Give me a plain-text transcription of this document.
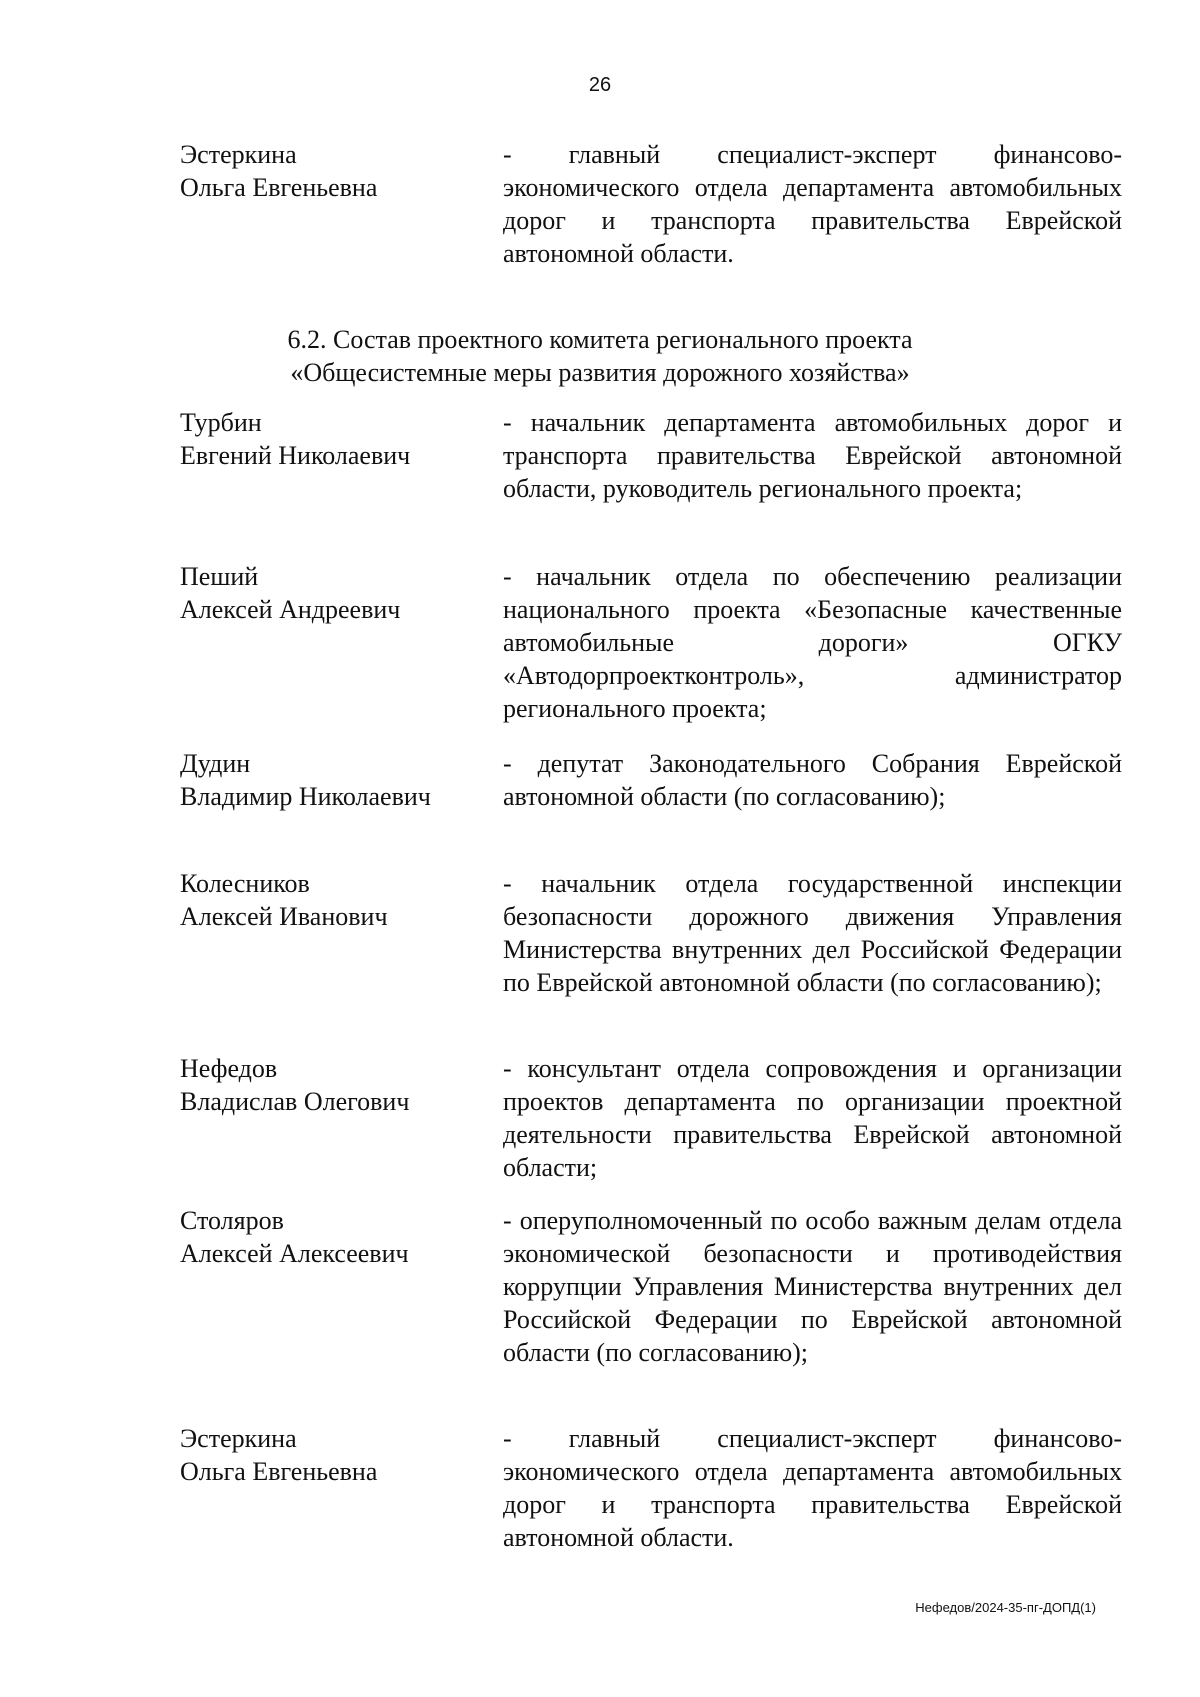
26
Эстеркина
Ольга Евгеньевна
- главный специалист-эксперт финансово-экономического отдела департамента автомобильных дорог и транспорта правительства Еврейской автономной области.
6.2. Состав проектного комитета регионального проекта
«Общесистемные меры развития дорожного хозяйства»
Турбин
Евгений Николаевич
- начальник департамента автомобильных дорог и транспорта правительства Еврейской автономной области, руководитель регионального проекта;
Пеший
Алексей Андреевич
- начальник отдела по обеспечению реализации национального проекта «Безопасные качественные автомобильные дороги» ОГКУ «Автодорпроектконтроль», администратор регионального проекта;
Дудин
Владимир Николаевич
- депутат Законодательного Собрания Еврейской автономной области (по согласованию);
Колесников
Алексей Иванович
- начальник отдела государственной инспекции безопасности дорожного движения Управления Министерства внутренних дел Российской Федерации по Еврейской автономной области (по согласованию);
Нефедов
Владислав Олегович
- консультант отдела сопровождения и организации проектов департамента по организации проектной деятельности правительства Еврейской автономной области;
Столяров
Алексей Алексеевич
- оперуполномоченный по особо важным делам отдела экономической безопасности и противодействия коррупции Управления Министерства внутренних дел Российской Федерации по Еврейской автономной области (по согласованию);
Эстеркина
Ольга Евгеньевна
- главный специалист-эксперт финансово-экономического отдела департамента автомобильных дорог и транспорта правительства Еврейской автономной области.
Нефедов/2024-35-пг-ДОПД(1)
